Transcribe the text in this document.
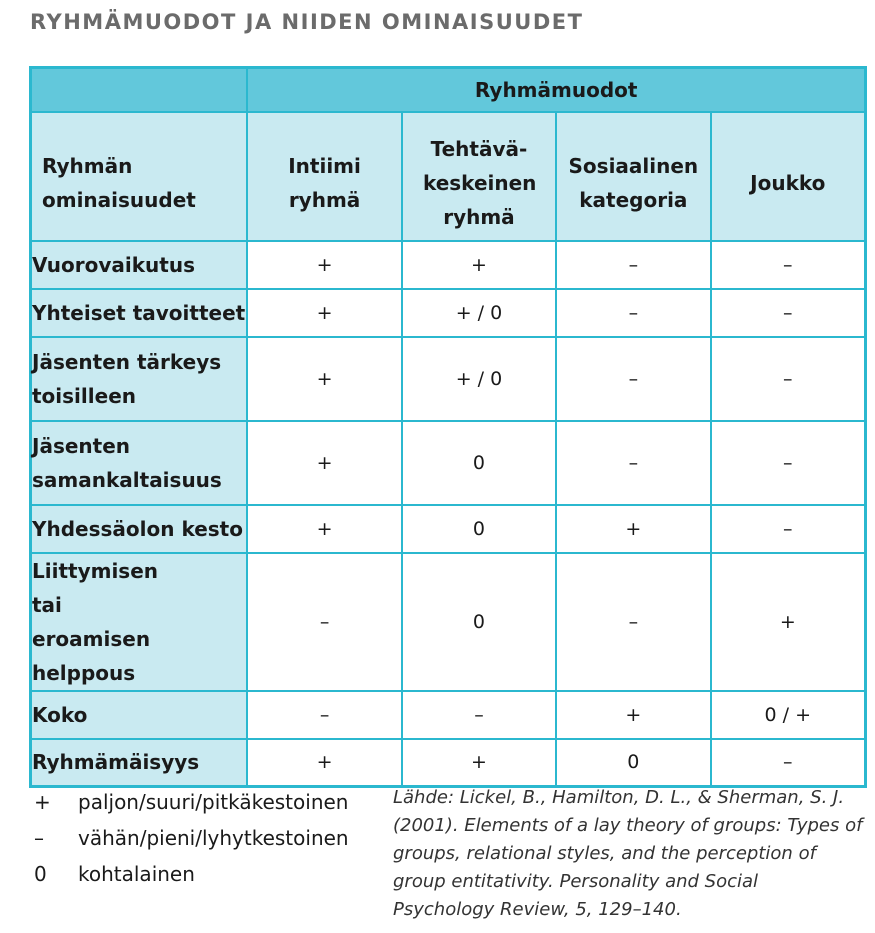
RYHMÄMUODOT JA NIIDEN OMINAISUUDET
	Ryhmämuodot			

Ryhmän ominaisuudet	Intiimi ryhmä	Tehtävä- keskeinen ryhmä	Sosiaalinen kategoria	Joukko

Vuorovaikutus	+	+	–	–
Yhteiset tavoitteet	+	+ / 0	–	–

Jäsenten tärkeys toisilleen	+	+ / 0	–	–

Jäsenten samankaltaisuus	+	0	–	–
Yhdessäolon kesto	+	0	+	–

Liittymisen tai eroamisen helppous	–	0	–	+
Koko	–	–	+	0 / +
Ryhmämäisyys	+	+	0	–
+	paljon/suuri/pitkäkestoinen
–	vähän/pieni/lyhytkestoinen
0	kohtalainen
Lähde: Lickel, B., Hamilton, D. L., & Sherman, S. J. (2001). Elements of a lay theory of groups: Types of groups, relational styles, and the perception of group entitativity. Personality and Social Psychology Review, 5, 129–140.
